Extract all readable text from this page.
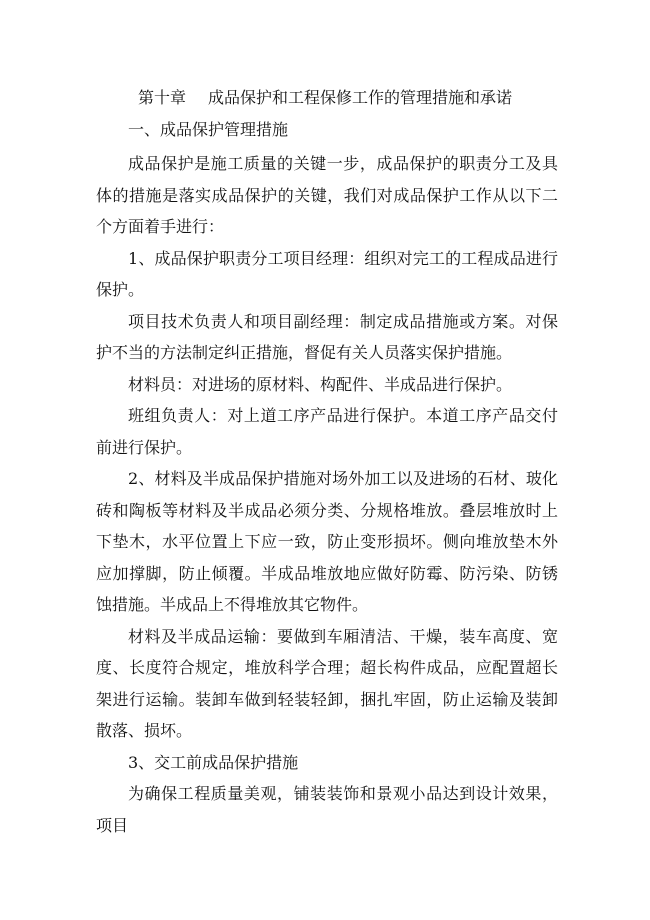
第十章 成品保护和工程保修工作的管理措施和承诺
一、成品保护管理措施

成品保护是施工质量的关键一步，成品保护的职责分工及具体的措施是落实成品保护的关键，我们对成品保护工作从以下二个方面着手进行：

1、成品保护职责分工项目经理：组织对完工的工程成品进行保护。

项目技术负责人和项目副经理：制定成品措施或方案。对保护不当的方法制定纠正措施，督促有关人员落实保护措施。

材料员：对进场的原材料、构配件、半成品进行保护。

班组负责人：对上道工序产品进行保护。本道工序产品交付前进行保护。

2、材料及半成品保护措施对场外加工以及进场的石材、玻化砖和陶板等材料及半成品必须分类、分规格堆放。叠层堆放时上下垫木，水平位置上下应一致，防止变形损坏。侧向堆放垫木外应加撑脚，防止倾覆。半成品堆放地应做好防霉、防污染、防锈蚀措施。半成品上不得堆放其它物件。

材料及半成品运输：要做到车厢清洁、干燥，装车高度、宽度、长度符合规定，堆放科学合理；超长构件成品，应配置超长架进行运输。装卸车做到轻装轻卸，捆扎牢固，防止运输及装卸散落、损坏。

3、交工前成品保护措施

为确保工程质量美观，铺装装饰和景观小品达到设计效果，项目
